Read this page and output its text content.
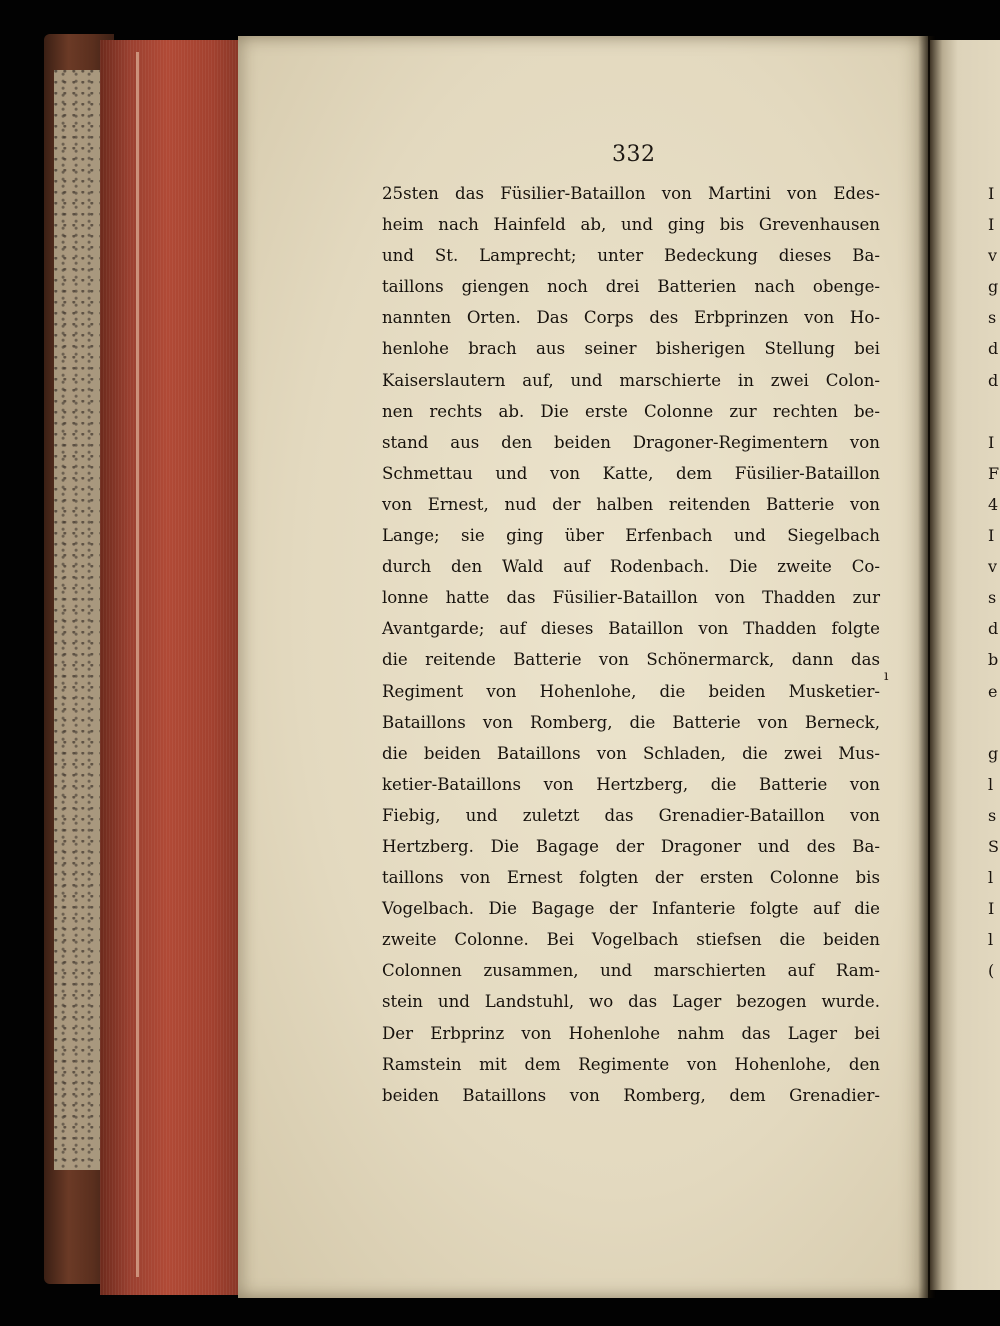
332
25sten das Füsilier-Bataillon von Martini von Edes-
heim nach Hainfeld ab, und ging bis Grevenhausen
und St. Lamprecht; unter Bedeckung dieses Ba-
taillons giengen noch drei Batterien nach obenge-
nannten Orten. Das Corps des Erbprinzen von Ho-
henlohe brach aus seiner bisherigen Stellung bei
Kaiserslautern auf, und marschierte in zwei Colon-
nen rechts ab. Die erste Colonne zur rechten be-
stand aus den beiden Dragoner-Regimentern von
Schmettau und von Katte, dem Füsilier-Bataillon
von Ernest, nud der halben reitenden Batterie von
Lange; sie ging über Erfenbach und Siegelbach
durch den Wald auf Rodenbach. Die zweite Co-
lonne hatte das Füsilier-Bataillon von Thadden zur
Avantgarde; auf dieses Bataillon von Thadden folgte
die reitende Batterie von Schönermarck, dann das
Regiment von Hohenlohe, die beiden Musketier-
Bataillons von Romberg, die Batterie von Berneck,
die beiden Bataillons von Schladen, die zwei Mus-
ketier-Bataillons von Hertzberg, die Batterie von
Fiebig, und zuletzt das Grenadier-Bataillon von
Hertzberg. Die Bagage der Dragoner und des Ba-
taillons von Ernest folgten der ersten Colonne bis
Vogelbach. Die Bagage der Infanterie folgte auf die
zweite Colonne. Bei Vogelbach stiefsen die beiden
Colonnen zusammen, und marschierten auf Ram-
stein und Landstuhl, wo das Lager bezogen wurde.
Der Erbprinz von Hohenlohe nahm das Lager bei
Ramstein mit dem Regimente von Hohenlohe, den
beiden Bataillons von Romberg, dem Grenadier-
ı
I
I
v
g
s
d
d
I
F
4
I
v
s
d
b
e
g
l
s
S
l
I
l
(
